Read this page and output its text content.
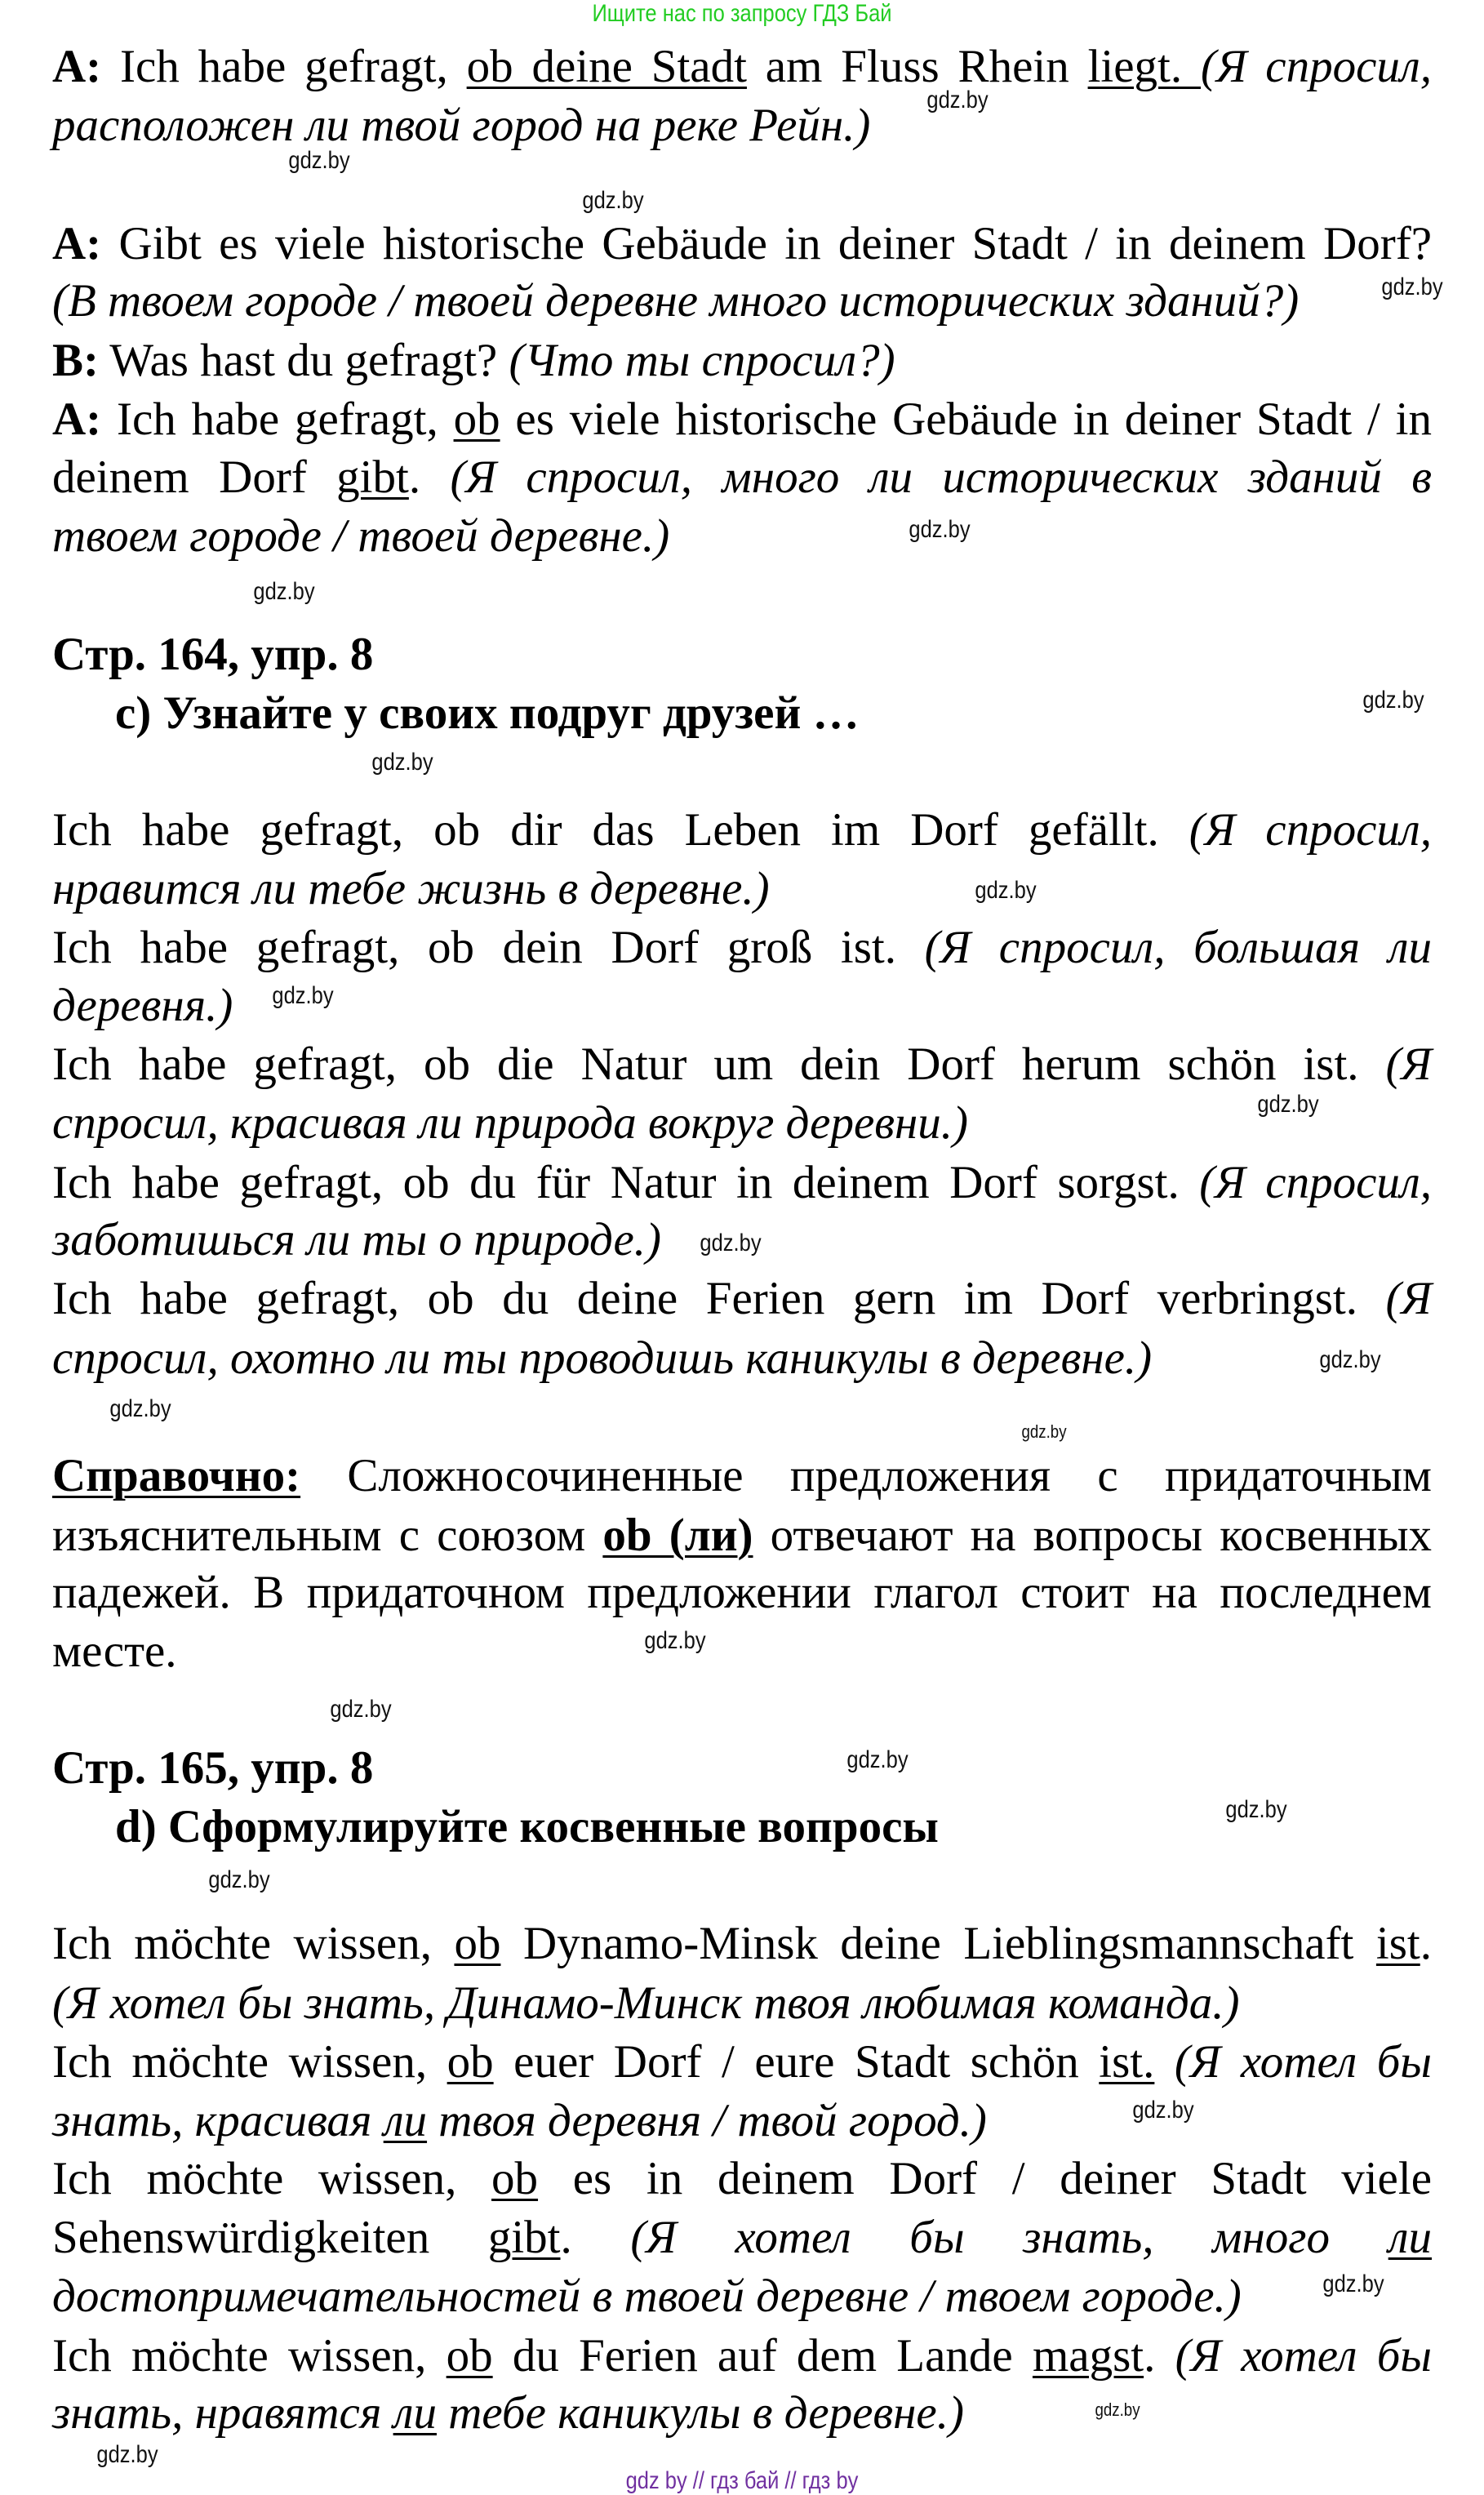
Ищите нас по запросу ГДЗ Бай
A: Ich habe gefragt, ob deine Stadt am Fluss Rhein liegt. (Я спросил,
расположен ли твой город на реке Рейн.)
A: Gibt es viele historische Gebäude in deiner Stadt / in deinem Dorf?
(В твоем городе / твоей деревне много исторических зданий?)
B: Was hast du gefragt? (Что ты спросил?)
A: Ich habe gefragt, ob es viele historische Gebäude in deiner Stadt / in
deinem Dorf gibt. (Я спросил, много ли исторических зданий в
твоем городе / твоей деревне.)
Стр. 164, упр. 8
c) Узнайте у своих подруг друзей …
Ich habe gefragt, ob dir das Leben im Dorf gefällt. (Я спросил,
нравится ли тебе жизнь в деревне.)
Ich habe gefragt, ob dein Dorf groß ist. (Я спросил, большая ли
деревня.)
Ich habe gefragt, ob die Natur um dein Dorf herum schön ist. (Я
спросил, красивая ли природа вокруг деревни.)
Ich habe gefragt, ob du für Natur in deinem Dorf sorgst. (Я спросил,
заботишься ли ты о природе.)
Ich habe gefragt, ob du deine Ferien gern im Dorf verbringst. (Я
спросил, охотно ли ты проводишь каникулы в деревне.)
Справочно: Сложносочиненные предложения с придаточным
изъяснительным с союзом ob (ли) отвечают на вопросы косвенных
падежей. В придаточном предложении глагол стоит на последнем
месте.
Стр. 165, упр. 8
d) Сформулируйте косвенные вопросы
Ich möchte wissen, ob Dynamo-Minsk deine Lieblingsmannschaft ist.
(Я хотел бы знать, Динамо-Минск твоя любимая команда.)
Ich möchte wissen, ob euer Dorf / eure Stadt schön ist. (Я хотел бы
знать, красивая ли твоя деревня / твой город.)
Ich möchte wissen, ob es in deinem Dorf / deiner Stadt viele
Sehenswürdigkeiten gibt. (Я хотел бы знать, много ли
достопримечательностей в твоей деревне / твоем городе.)
Ich möchte wissen, ob du Ferien auf dem Lande magst. (Я хотел бы
знать, нравятся ли тебе каникулы в деревне.)
gdz.by
gdz.by
gdz.by
gdz.by
gdz.by
gdz.by
gdz.by
gdz.by
gdz.by
gdz.by
gdz.by
gdz.by
gdz.by
gdz.by
gdz.by
gdz.by
gdz.by
gdz.by
gdz.by
gdz.by
gdz.by
gdz.by
gdz.by
gdz.by
gdz by // гдз бай // гдз by
